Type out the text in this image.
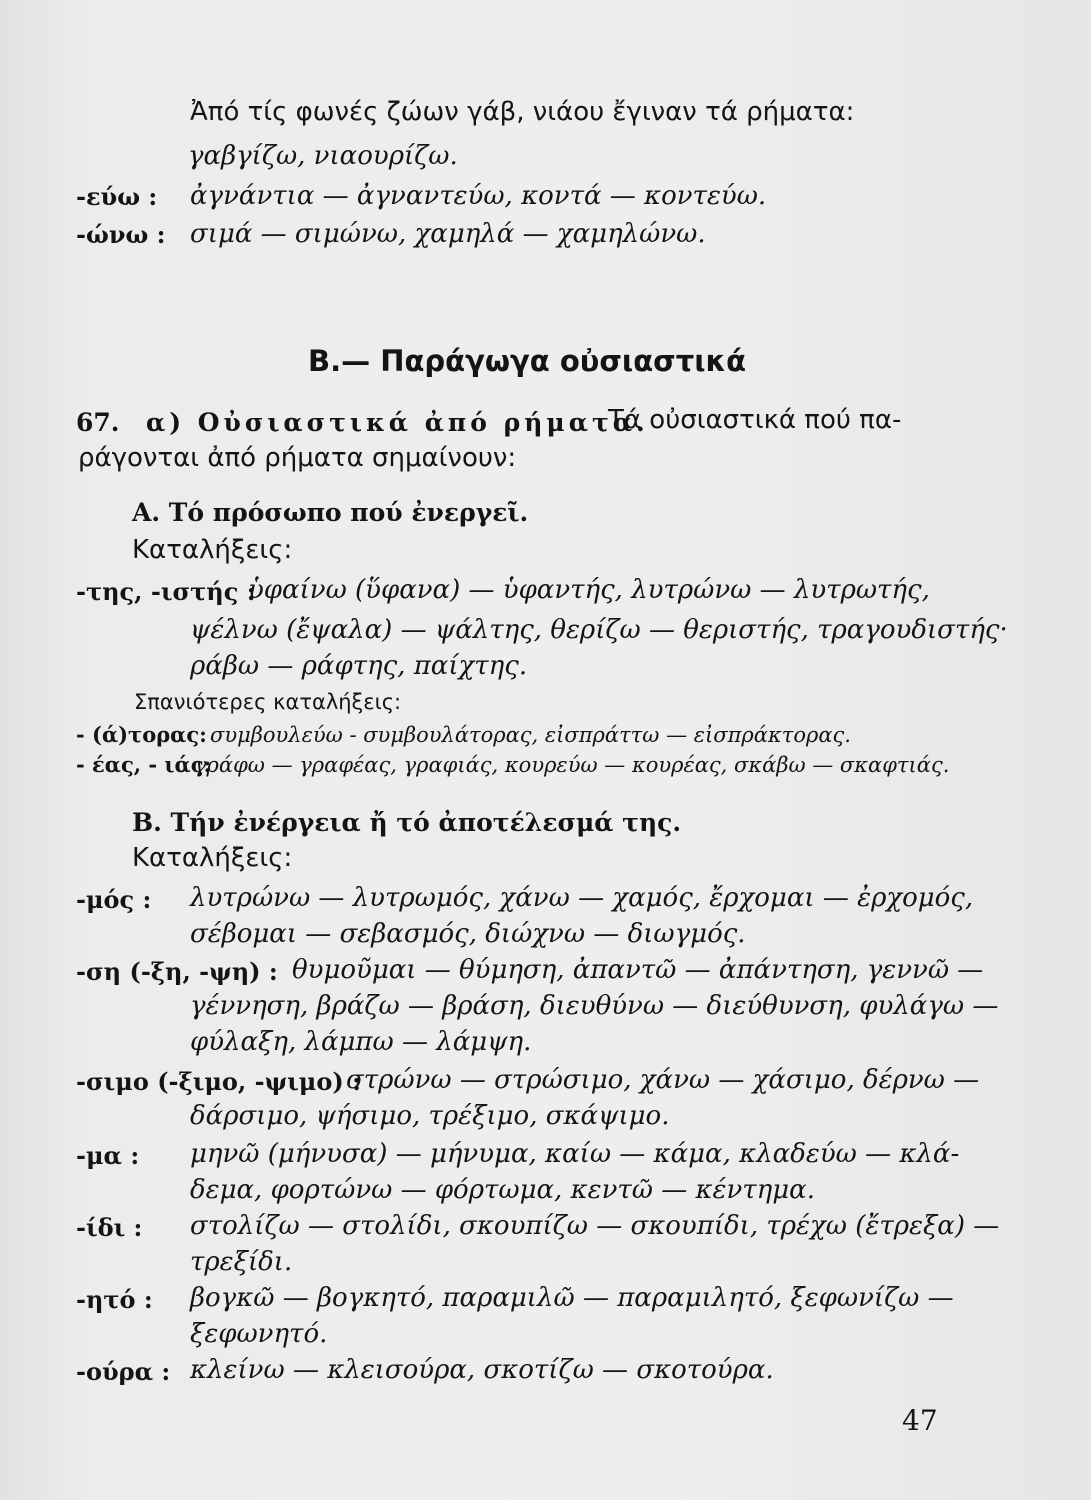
Ἀπό τίς φωνές ζώων γάβ, νιάου ἔγιναν τά ρήματα:
γαβγίζω, νιαουρίζω.
-εύω : ἀγνάντια — ἀγναντεύω, κοντά — κοντεύω.
-ώνω : σιμά — σιμώνω, χαμηλά — χαμηλώνω.
Β.— Παράγωγα οὐσιαστικά
67. α) Οὐσιαστικά ἀπό ρήματα.
Τά οὐσιαστικά πού πα-
ράγονται ἀπό ρήματα σημαίνουν:
Α. Τό πρόσωπο πού ἐνεργεῖ.
Καταλήξεις:
-της, -ιστής :
ὑφαίνω (ὕφανα) — ὑφαντής, λυτρώνω — λυτρωτής,
ψέλνω (ἔψαλα) — ψάλτης, θερίζω — θεριστής, τραγουδιστής·
ράβω — ράφτης, παίχτης.
Σπανιότερες καταλήξεις:
- (ά)τορας: συμβουλεύω - συμβουλάτορας, εἰσπράττω — εἰσπράκτορας.
- έας, - ιάς:
γράφω — γραφέας, γραφιάς, κουρεύω — κουρέας, σκάβω — σκαφτιάς.
Β. Τήν ἐνέργεια ἤ τό ἀποτέλεσμά της.
Καταλήξεις:
-μός : λυτρώνω — λυτρωμός, χάνω — χαμός, ἔρχομαι — ἐρχομός,
σέβομαι — σεβασμός, διώχνω — διωγμός.
-ση (-ξη, -ψη) : θυμοῦμαι — θύμηση, ἀπαντῶ — ἀπάντηση, γεννῶ —
γέννηση, βράζω — βράση, διευθύνω — διεύθυνση, φυλάγω —
φύλαξη, λάμπω — λάμψη.
-σιμο (-ξιμο, -ψιμο) :
στρώνω — στρώσιμο, χάνω — χάσιμο, δέρνω —
δάρσιμο, ψήσιμο, τρέξιμο, σκάψιμο.
-μα : μηνῶ (μήνυσα) — μήνυμα, καίω — κάμα, κλαδεύω — κλά-
δεμα, φορτώνω — φόρτωμα, κεντῶ — κέντημα.
-ίδι : στολίζω — στολίδι, σκουπίζω — σκουπίδι, τρέχω (ἔτρεξα) —
τρεξίδι.
-ητό : βογκῶ — βογκητό, παραμιλῶ — παραμιλητό, ξεφωνίζω —
ξεφωνητό.
-ούρα : κλείνω — κλεισούρα, σκοτίζω — σκοτούρα.
47
